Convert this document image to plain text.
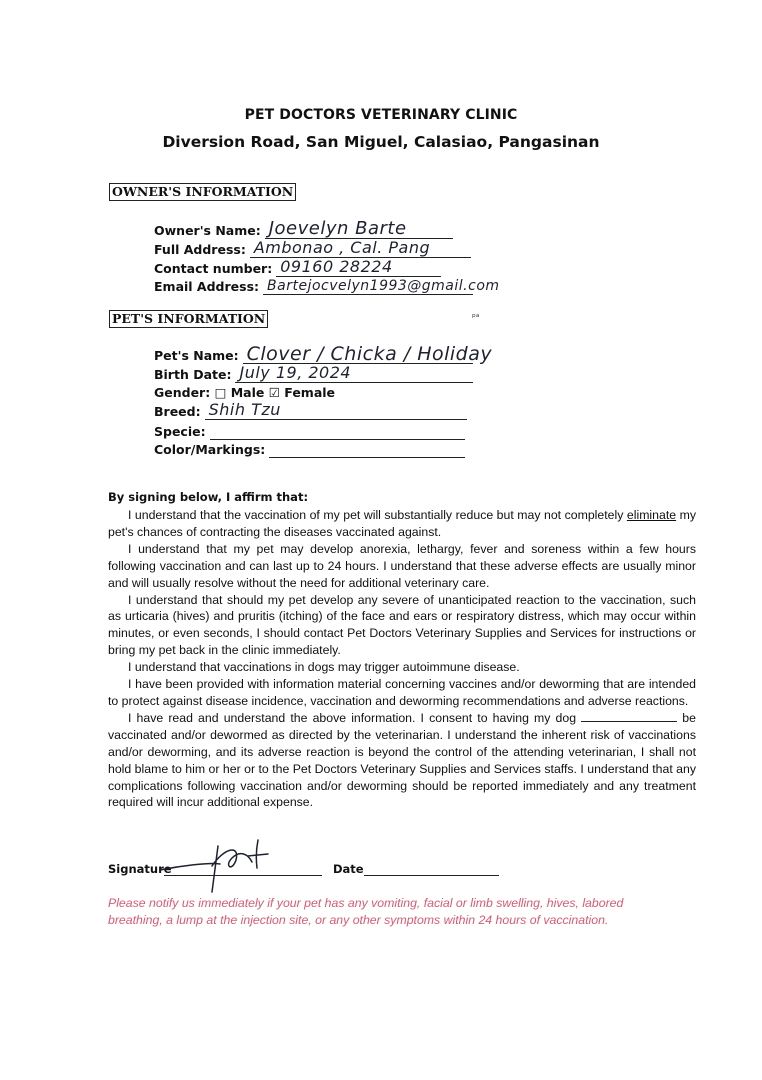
PET DOCTORS VETERINARY CLINIC
Diversion Road, San Miguel, Calasiao, Pangasinan
OWNER'S INFORMATION
Owner's Name: Joevelyn Barte
Full Address: Ambonao , Cal. Pang
Contact number: 09160 28224
Email Address: Bartejocvelyn1993@gmail.com
PET'S INFORMATION	ᵖᵃ
Pet's Name: Clover / Chicka / Holiday
Birth Date: July 19, 2024
Gender: □ Male ☑ Female
Breed: Shih Tzu
Specie:
Color/Markings:
By signing below, I affirm that:

I understand that the vaccination of my pet will substantially reduce but may not completely eliminate my pet's chances of contracting the diseases vaccinated against.

I understand that my pet may develop anorexia, lethargy, fever and soreness within a few hours following vaccination and can last up to 24 hours. I understand that these adverse effects are usually minor and will usually resolve without the need for additional veterinary care.

I understand that should my pet develop any severe of unanticipated reaction to the vaccination, such as urticaria (hives) and pruritis (itching) of the face and ears or respiratory distress, which may occur within minutes, or even seconds, I should contact Pet Doctors Veterinary Supplies and Services for instructions or bring my pet back in the clinic immediately.

I understand that vaccinations in dogs may trigger autoimmune disease.

I have been provided with information material concerning vaccines and/or deworming that are intended to protect against disease incidence, vaccination and deworming recommendations and adverse reactions.

I have read and understand the above information. I consent to having my dog	be vaccinated and/or dewormed as directed by the veterinarian. I understand the inherent risk of vaccinations and/or deworming, and its adverse reaction is beyond the control of the attending veterinarian, I shall not hold blame to him or her or to the Pet Doctors Veterinary Supplies and Services staffs. I understand that any complications following vaccination and/or deworming should be reported immediately and any treatment required will incur additional expense.

Signature	Date
Please notify us immediately if your pet has any vomiting, facial or limb swelling, hives, labored breathing, a lump at the injection site, or any other symptoms within 24 hours of vaccination.
